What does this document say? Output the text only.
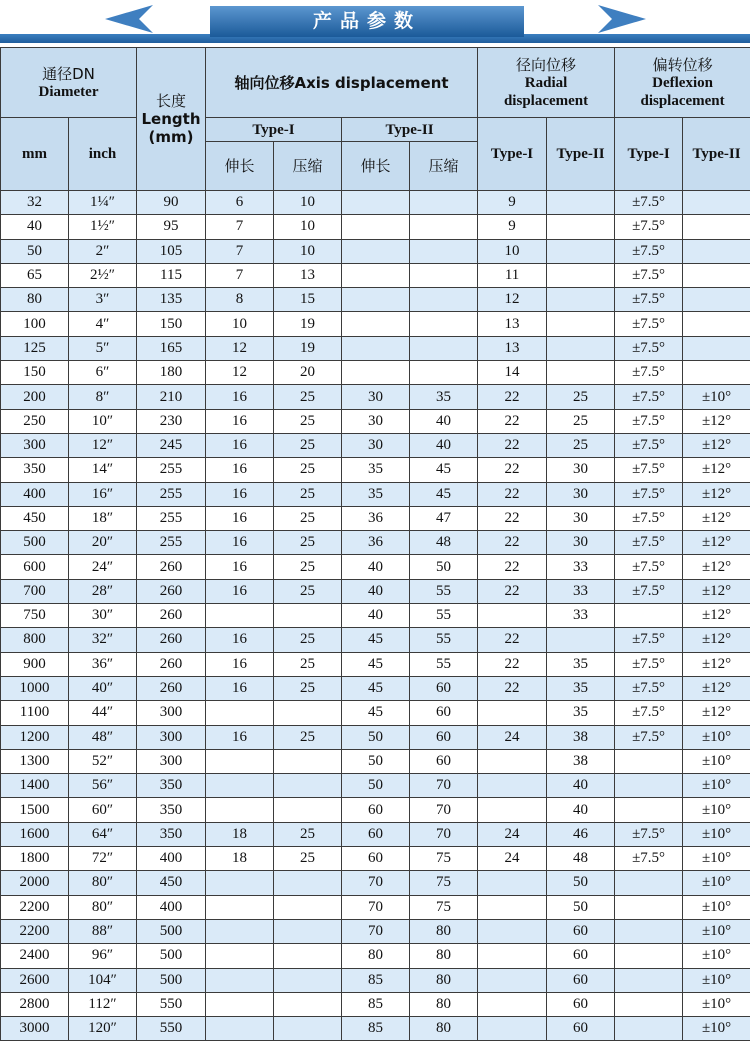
产品参数
通径DN
Diameter		长度
Length
(mm)	轴向位移Axis displacement				径向位移
Radial
displacement		偏转位移
Deflexion
displacement	

mm	inch		Type-I		Type-II		Type-I	Type-II	Type-I	Type-II
			伸长	压缩	伸长	压缩				
32	1¼″	90	6	10			9		±7.5°	
40	1½″	95	7	10			9		±7.5°	
50	2″	105	7	10			10		±7.5°	
65	2½″	115	7	13			11		±7.5°	
80	3″	135	8	15			12		±7.5°	
100	4″	150	10	19			13		±7.5°	
125	5″	165	12	19			13		±7.5°	
150	6″	180	12	20			14		±7.5°	
200	8″	210	16	25	30	35	22	25	±7.5°	±10°
250	10″	230	16	25	30	40	22	25	±7.5°	±12°
300	12″	245	16	25	30	40	22	25	±7.5°	±12°
350	14″	255	16	25	35	45	22	30	±7.5°	±12°
400	16″	255	16	25	35	45	22	30	±7.5°	±12°
450	18″	255	16	25	36	47	22	30	±7.5°	±12°
500	20″	255	16	25	36	48	22	30	±7.5°	±12°
600	24″	260	16	25	40	50	22	33	±7.5°	±12°
700	28″	260	16	25	40	55	22	33	±7.5°	±12°
750	30″	260			40	55		33		±12°
800	32″	260	16	25	45	55	22		±7.5°	±12°
900	36″	260	16	25	45	55	22	35	±7.5°	±12°
1000	40″	260	16	25	45	60	22	35	±7.5°	±12°
1100	44″	300			45	60		35	±7.5°	±12°
1200	48″	300	16	25	50	60	24	38	±7.5°	±10°
1300	52″	300			50	60		38		±10°
1400	56″	350			50	70		40		±10°
1500	60″	350			60	70		40		±10°
1600	64″	350	18	25	60	70	24	46	±7.5°	±10°
1800	72″	400	18	25	60	75	24	48	±7.5°	±10°
2000	80″	450			70	75		50		±10°
2200	80″	400			70	75		50		±10°
2200	88″	500			70	80		60		±10°
2400	96″	500			80	80		60		±10°
2600	104″	500			85	80		60		±10°
2800	112″	550			85	80		60		±10°
3000	120″	550			85	80		60		±10°
